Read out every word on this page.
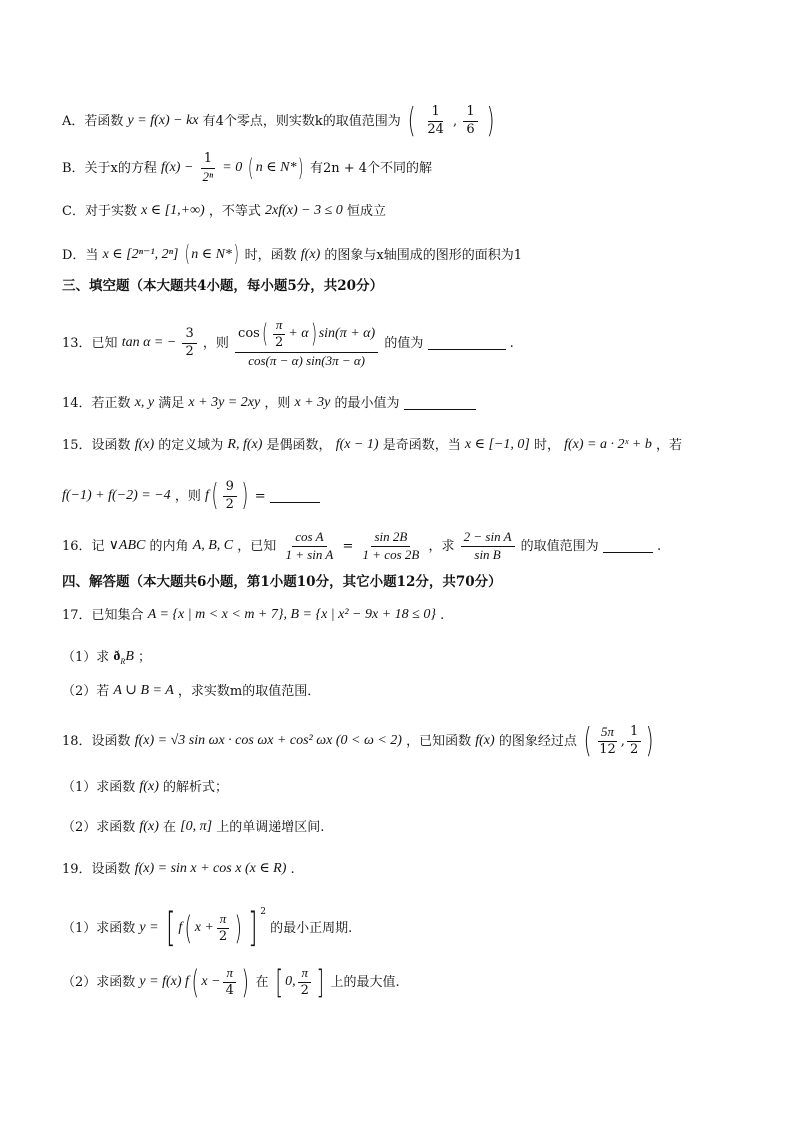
A．若函数 y = f(x) − kx 有4个零点，则实数k的取值范围为 ( $\frac{1}{24}$ , $\frac{1}{6}$ )
B．关于x的方程 $f(x) - \frac{1}{\text{2ⁿ}} = 0$ ( n ∈ N*) 有2n + 4个不同的解
C．对于实数 x ∈ [1,+∞) ，不等式 2xf(x) − 3 ≤ 0 恒成立
D．当 x ∈ [2ⁿ⁻¹, 2ⁿ] ( n ∈ N*) 时，函数 f(x) 的图象与x轴围成的图形的面积为1
三、填空题（本大题共4小题，每小题5分，共20分）
13．已知 tan α = − $\frac{3}{2}$ ，则 $\frac{\cos( \frac{\pi}{2} + \alpha) \sin(\pi + \alpha)}{\cos(\pi - \alpha) \sin(3\pi - \alpha)}$ 的值为	.
14．若正数 x, y 满足 x + 3y = 2xy ，则 x + 3y 的最小值为
15．设函数 f(x) 的定义域为 R, f(x) 是偶函数， f(x − 1) 是奇函数，当 x ∈ [−1, 0] 时， f(x) = a · 2ˣ + b ，若
f(−1) + f(−2) = −4 ，则 $f( \frac{9}{2}$ ) =
16．记 ∨ABC 的内角 A, B, C ，已知 $\frac{\text{cos A}}{\text{1 + sin A}} = \frac{\sin 2B}{1 + \cos 2B}$ ，求 $\frac{\text{2 − sin A}}{\text{sin B}}$ 的取值范围为	.
四、解答题（本大题共6小题，第1小题10分，其它小题12分，共70分）
17．已知集合 A = {x | m < x < m + 7}, B = {x | x² − 9x + 18 ≤ 0} .
（1）求 ðRB ；
（2）若 A ∪ B = A ，求实数m的取值范围．
18．设函数 f(x) = √3 sin ωx · cos ωx + cos² ωx (0 < ω < 2) ，已知函数 f(x) 的图象经过点 ( $\frac{5\pi}{12}$ , $\frac{1}{2}$ )
（1）求函数 f(x) 的解析式；
（2）求函数 f(x) 在 [0, π] 上的单调递增区间.
19．设函数 f(x) = sin x + cos x (x ∈ R) .
（1）求函数 y = [ f( $x + \frac{\pi}{2}$ ) ] 2 的最小正周期.
（2）求函数 y = f(x) f( $x - \frac{\pi}{4}$ ) 在 [ 0, $\frac{\pi}{2}$ ] 上的最大值.
